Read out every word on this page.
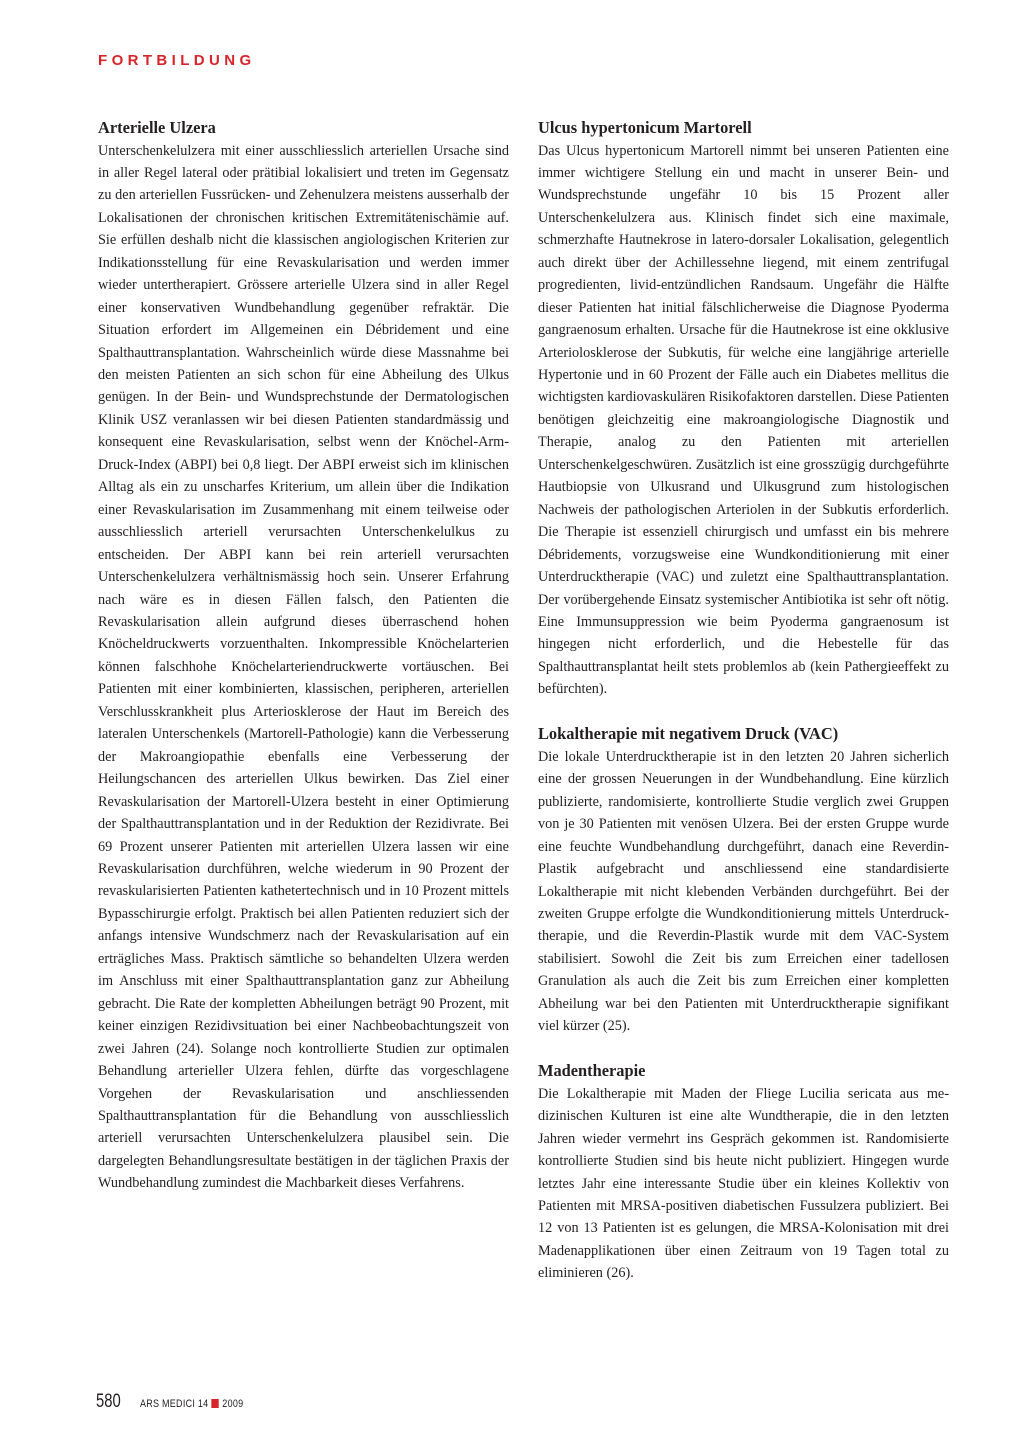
FORTBILDUNG
Arterielle Ulzera

Unterschenkelulzera mit einer ausschliesslich arteriellen Ursache sind in aller Regel lateral oder prätibial lokalisiert und treten im Gegensatz zu den arteriellen Fussrücken- und Zehenulzera meistens ausserhalb der Lokalisationen der chronischen kritischen Extremitätenischämie auf. Sie erfüllen deshalb nicht die klassischen angiologischen Kriterien zur Indikationsstellung für eine Revaskularisation und werden immer wieder untertherapiert. Grössere arterielle Ulzera sind in aller Regel einer konservativen Wundbehandlung gegenüber refraktär. Die Situation erfordert im Allgemeinen ein Débridement und eine Spalthauttransplantation. Wahrscheinlich würde diese Massnahme bei den meisten Patienten an sich schon für eine Abheilung des Ulkus genügen. In der Bein- und Wundsprechstunde der Dermatologischen Klinik USZ veranlassen wir bei diesen Patienten standardmässig und konsequent eine Revaskularisation, selbst wenn der Knöchel-Arm-Druck-Index (ABPI) bei 0,8 liegt. Der ABPI erweist sich im klinischen Alltag als ein zu unscharfes Kriterium, um allein über die Indikation einer Revaskularisation im Zusammenhang mit einem teilweise oder ausschliesslich arteriell verursachten Unterschenkelulkus zu entscheiden. Der ABPI kann bei rein arteriell verursachten Unterschenkelulzera verhältnismässig hoch sein. Unserer Erfahrung nach wäre es in diesen Fällen falsch, den Patienten die Revaskularisation allein aufgrund dieses überraschend hohen Knöcheldruckwerts vorzuenthalten. Inkompressible Knöchelarterien können falschhohe Knöchelarteriendruckwerte vortäuschen. Bei Patienten mit einer kombinierten, klassischen, peripheren, arteriellen Verschlusskrankheit plus Arteriosklerose der Haut im Bereich des lateralen Unterschenkels (Martorell-Pathologie) kann die Verbesserung der Makroangiopathie ebenfalls eine Verbesserung der Heilungschancen des arteriellen Ulkus bewirken. Das Ziel einer Revaskularisation der Martorell-Ulzera besteht in einer Optimierung der Spalthauttransplantation und in der Reduktion der Rezidivrate. Bei 69 Prozent unserer Patienten mit arteriellen Ulzera lassen wir eine Revaskularisation durchführen, welche wiederum in 90 Prozent der revaskularisierten Patienten kathetertechnisch und in 10 Prozent mittels Bypasschirurgie erfolgt. Praktisch bei allen Patienten reduziert sich der anfangs intensive Wundschmerz nach der Revaskularisation auf ein erträgliches Mass. Praktisch sämtliche so behandelten Ulzera werden im Anschluss mit einer Spalthauttransplantation ganz zur Abheilung gebracht. Die Rate der kompletten Abheilungen beträgt 90 Prozent, mit keiner einzigen Rezidivsituation bei einer Nachbeobachtungszeit von zwei Jahren (24). Solange noch kontrollierte Studien zur optimalen Behandlung arterieller Ulzera fehlen, dürfte das vorgeschlagene Vorgehen der Revaskularisation und anschliessenden Spalthauttransplantation für die Behandlung von ausschliesslich arteriell verursachten Unterschenkelulzera plausibel sein. Die dargelegten Behandlungsresultate bestätigen in der täglichen Praxis der Wundbehandlung zumindest die Machbarkeit dieses Verfahrens.

Ulcus hypertonicum Martorell

Das Ulcus hypertonicum Martorell nimmt bei unseren Patienten eine immer wichtigere Stellung ein und macht in unserer Bein- und Wundsprechstunde ungefähr 10 bis 15 Prozent aller Unterschenkelulzera aus. Klinisch findet sich eine maximale, schmerzhafte Hautnekrose in latero-dorsaler Lokalisation, gelegentlich auch direkt über der Achillessehne liegend, mit einem zentrifugal progredienten, livid-entzündlichen Randsaum. Ungefähr die Hälfte dieser Patienten hat initial fälschlicherweise die Diagnose Pyoderma gangraenosum erhalten. Ursache für die Hautnekrose ist eine okklusive Arteriolosklerose der Subkutis, für welche eine langjährige arterielle Hypertonie und in 60 Prozent der Fälle auch ein Diabetes mellitus die wichtigsten kardiovaskulären Risikofaktoren darstellen. Diese Patienten benötigen gleichzeitig eine makroangiologische Diagnostik und Therapie, analog zu den Patienten mit arteriellen Unterschenkelgeschwüren. Zusätzlich ist eine grosszügig durchgeführte Hautbiopsie von Ulkusrand und Ulkusgrund zum histologischen Nachweis der pathologischen Arteriolen in der Subkutis erforderlich. Die Therapie ist essenziell chirurgisch und umfasst ein bis mehrere Débridements, vorzugsweise eine Wundkonditionierung mit einer Unterdrucktherapie (VAC) und zuletzt eine Spalthauttransplantation. Der vorübergehende Einsatz systemischer Antibiotika ist sehr oft nötig. Eine Immunsuppression wie beim Pyoderma gangraenosum ist hingegen nicht erforderlich, und die Hebestelle für das Spalthauttransplantat heilt stets problemlos ab (kein Pathergieeffekt zu befürchten).

Lokaltherapie mit negativem Druck (VAC)

Die lokale Unterdrucktherapie ist in den letzten 20 Jahren sicherlich eine der grossen Neuerungen in der Wundbehandlung. Eine kürzlich publizierte, randomisierte, kontrollierte Studie verglich zwei Gruppen von je 30 Patienten mit venösen Ulzera. Bei der ersten Gruppe wurde eine feuchte Wundbehandlung durchgeführt, danach eine Reverdin-Plastik aufgebracht und anschliessend eine standardisierte Lokaltherapie mit nicht klebenden Verbänden durchgeführt. Bei der zweiten Gruppe erfolgte die Wundkonditionierung mittels Unterdrucktherapie, und die Reverdin-Plastik wurde mit dem VAC-System stabilisiert. Sowohl die Zeit bis zum Erreichen einer tadellosen Granulation als auch die Zeit bis zum Erreichen einer kompletten Abheilung war bei den Patienten mit Unterdrucktherapie signifikant viel kürzer (25).

Madentherapie

Die Lokaltherapie mit Maden der Fliege Lucilia sericata aus medizinischen Kulturen ist eine alte Wundtherapie, die in den letzten Jahren wieder vermehrt ins Gespräch gekommen ist. Randomisierte kontrollierte Studien sind bis heute nicht publiziert. Hingegen wurde letztes Jahr eine interessante Studie über ein kleines Kollektiv von Patienten mit MRSA-positiven diabetischen Fussulzera publiziert. Bei 12 von 13 Patienten ist es gelungen, die MRSA-Kolonisation mit drei Madenapplikationen über einen Zeitraum von 19 Tagen total zu eliminieren (26).

580 ARS MEDICI 14 2009
